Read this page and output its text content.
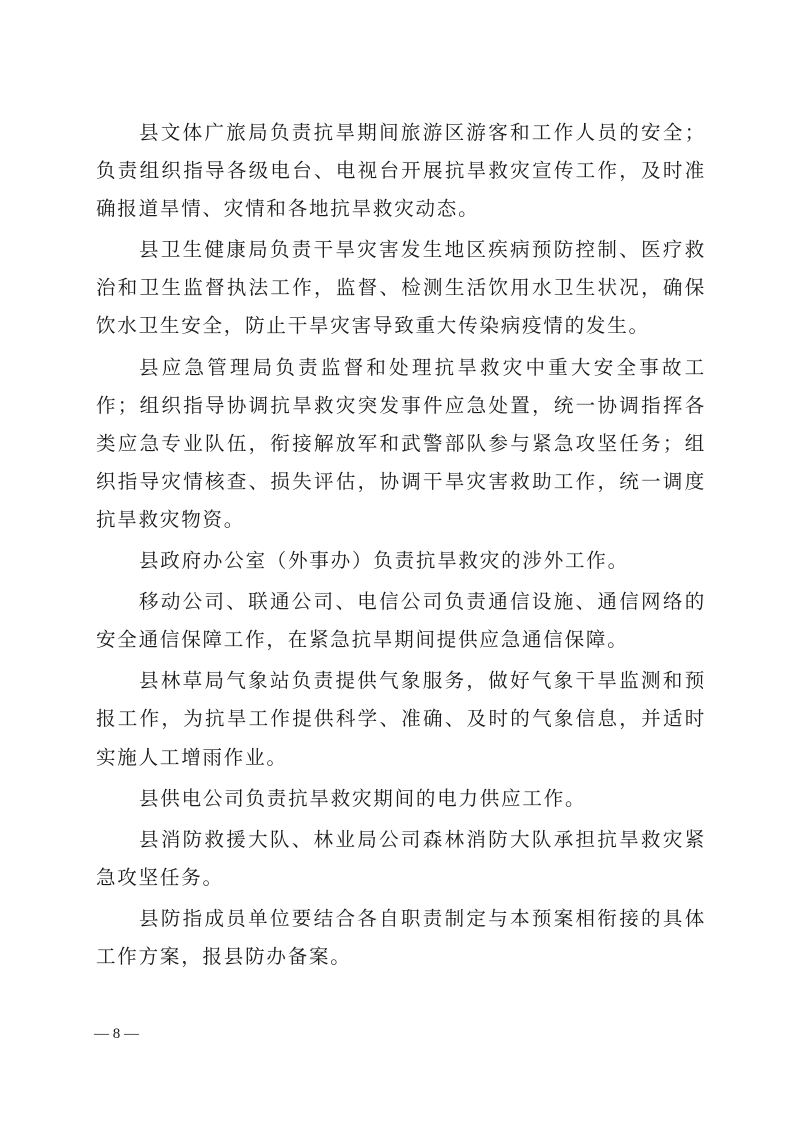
县文体广旅局负责抗旱期间旅游区游客和工作人员的安全；负责组织指导各级电台、电视台开展抗旱救灾宣传工作，及时准确报道旱情、灾情和各地抗旱救灾动态。

县卫生健康局负责干旱灾害发生地区疾病预防控制、医疗救治和卫生监督执法工作，监督、检测生活饮用水卫生状况，确保饮水卫生安全，防止干旱灾害导致重大传染病疫情的发生。

县应急管理局负责监督和处理抗旱救灾中重大安全事故工作；组织指导协调抗旱救灾突发事件应急处置，统一协调指挥各类应急专业队伍，衔接解放军和武警部队参与紧急攻坚任务；组织指导灾情核查、损失评估，协调干旱灾害救助工作，统一调度抗旱救灾物资。

县政府办公室（外事办）负责抗旱救灾的涉外工作。

移动公司、联通公司、电信公司负责通信设施、通信网络的安全通信保障工作，在紧急抗旱期间提供应急通信保障。

县林草局气象站负责提供气象服务，做好气象干旱监测和预报工作，为抗旱工作提供科学、准确、及时的气象信息，并适时实施人工增雨作业。

县供电公司负责抗旱救灾期间的电力供应工作。

县消防救援大队、林业局公司森林消防大队承担抗旱救灾紧急攻坚任务。

县防指成员单位要结合各自职责制定与本预案相衔接的具体工作方案，报县防办备案。

— 8 —
